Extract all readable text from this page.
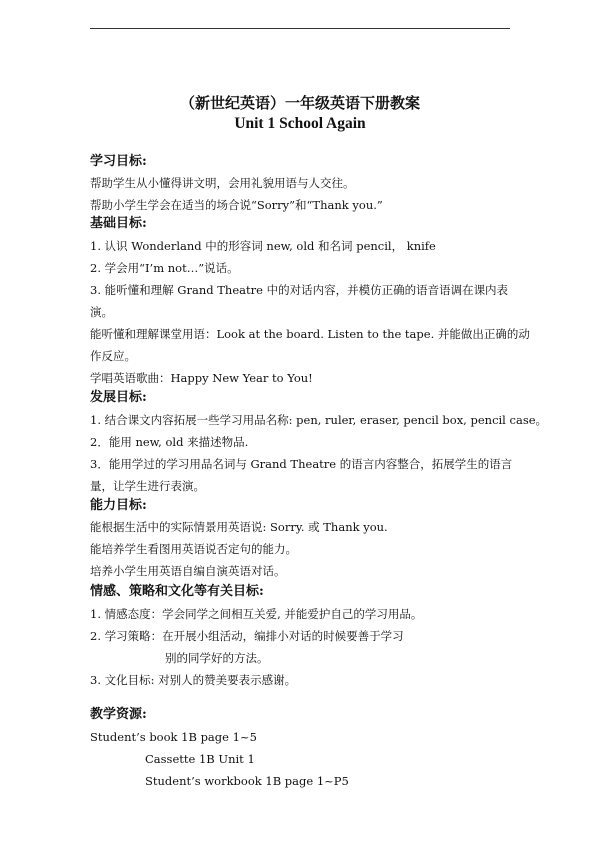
（新世纪英语）一年级英语下册教案
Unit 1 School Again
学习目标:
帮助学生从小懂得讲文明，会用礼貌用语与人交往。
帮助小学生学会在适当的场合说“Sorry”和“Thank you.”
基础目标:
1. 认识 Wonderland 中的形容词 new, old 和名词 pencil， knife
2. 学会用“I’m not…”说话。
3. 能听懂和理解 Grand Theatre 中的对话内容，并模仿正确的语音语调在课内表
演。
能听懂和理解课堂用语：Look at the board. Listen to the tape. 并能做出正确的动
作反应。
学唱英语歌曲：Happy New Year to You!
发展目标:
1. 结合课文内容拓展一些学习用品名称: pen, ruler, eraser, pencil box, pencil case。
2．能用 new, old 来描述物品.
3．能用学过的学习用品名词与 Grand Theatre 的语言内容整合，拓展学生的语言
量，让学生进行表演。
能力目标:
能根据生活中的实际情景用英语说: Sorry. 或 Thank you.
能培养学生看图用英语说否定句的能力。
培养小学生用英语自编自演英语对话。
情感、策略和文化等有关目标:
1. 情感态度：学会同学之间相互关爱, 并能爱护自己的学习用品。
2. 学习策略：在开展小组活动，编排小对话的时候要善于学习
别的同学好的方法。
3. 文化目标: 对别人的赞美要表示感谢。
教学资源:
Student’s book 1B page 1~5
Cassette 1B Unit 1
Student’s workbook 1B page 1~P5
